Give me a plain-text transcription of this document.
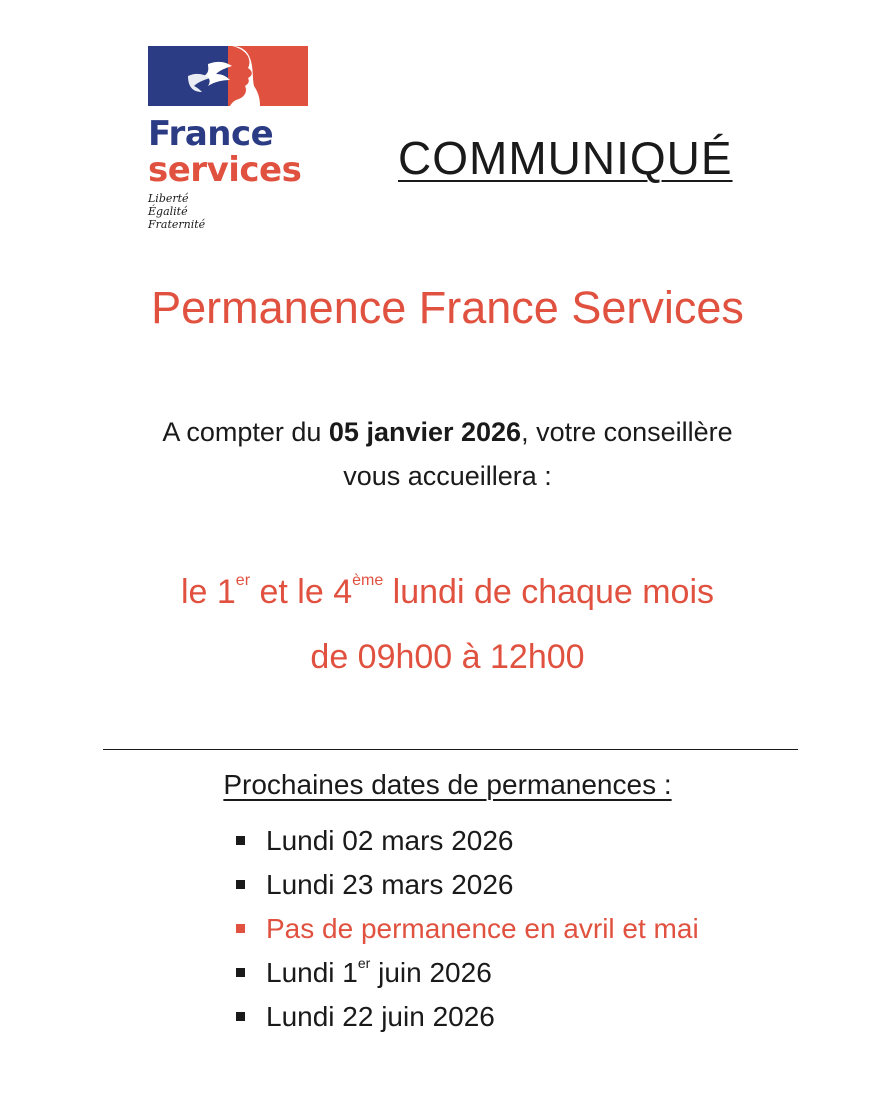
France
services
Liberté
Égalité
Fraternité
COMMUNIQUÉ
Permanence France Services
A compter du 05 janvier 2026, votre conseillère
vous accueillera :
le 1er et le 4ème lundi de chaque mois
de 09h00 à 12h00
Prochaines dates de permanences :
Lundi 02 mars 2026
Lundi 23 mars 2026
Pas de permanence en avril et mai
Lundi 1er juin 2026
Lundi 22 juin 2026
